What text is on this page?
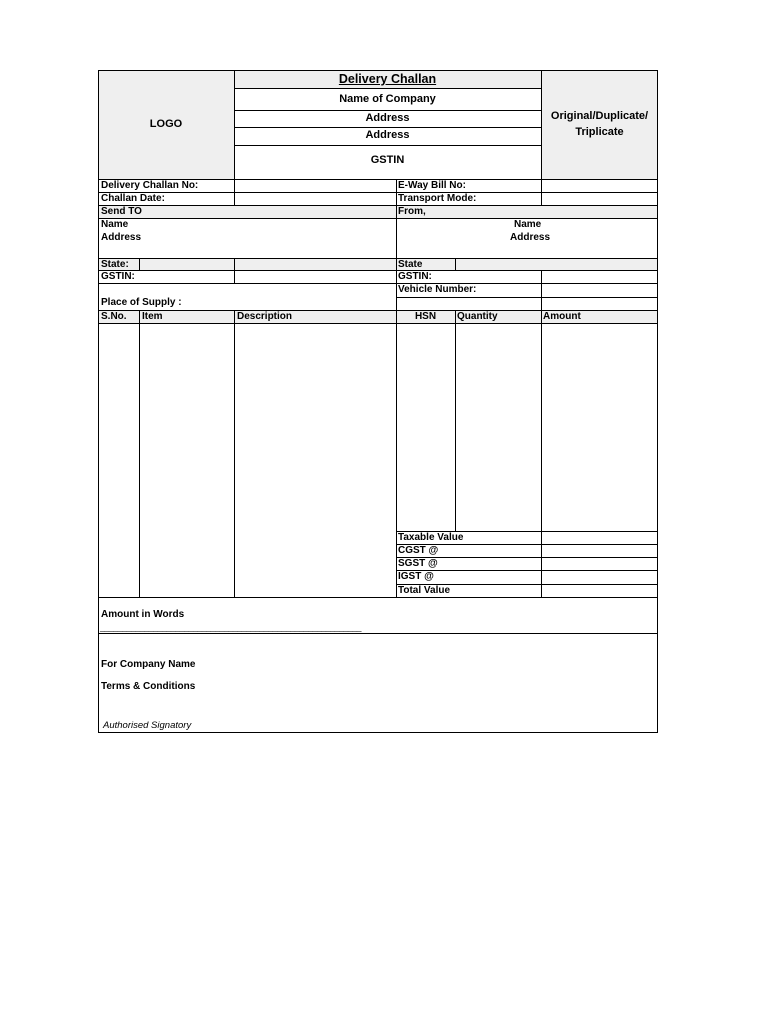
LOGO
Delivery Challan
Name of Company
Address
Address
GSTIN
Original/Duplicate/
Triplicate
Delivery Challan No:	E-Way Bill No:
Challan Date:	Transport Mode:
Send TO	From,
Name
Address
Name
Address
State:	State
GSTIN:	GSTIN:
Vehicle Number:
Place of Supply :
S.No. Item	Description	HSN	Quantity	Amount
Taxable Value
CGST @
SGST @
IGST @
Total Value
Amount in Words
___________________________________________________________
For Company Name
Terms & Conditions
Authorised Signatory
